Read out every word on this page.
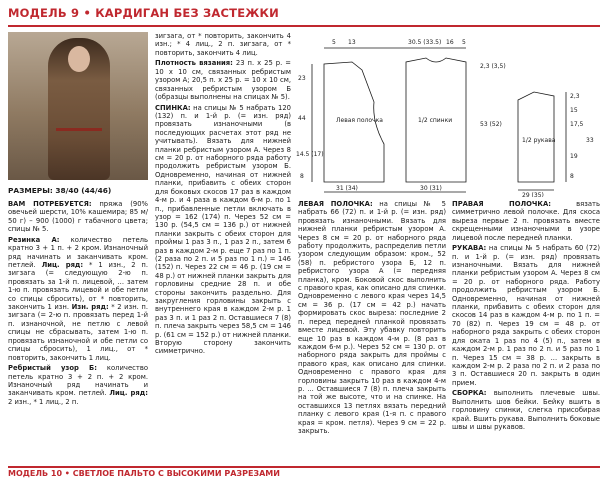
МОДЕЛЬ 9 • КАРДИГАН БЕЗ ЗАСТЕЖКИ
РАЗМЕРЫ: 38/40 (44/46)

ВАМ ПОТРЕБУЕТСЯ: пряжа (90% овечьей шерсти, 10% кашемира; 85 м/ 50 г) – 900 (1000) г табачного цвета; спицы № 5.

Резинка А: количество петель кратно 3 + 1 п. + 2 кром. Изнаночный ряд начинать и заканчивать кром. петлей. Лиц. ряд: * 1 изн., 2 п. зигзага (= следующую 2-ю п. провязать за 1-й п. лицевой, ... затем 1-ю п. провязать лицевой и обе петли со спицы сбросить), от * повторить, закончить 1 изн. Изн. ряд: * 2 изн. п. зигзага (= 2-ю п. провязать перед 1-й п. изнаночной, не петлю с левой спицы не сбрасывать, затем 1-ю п. провязать изнаночной и обе петли со спицы сбросить), 1 лиц., от * повторить, закончить 1 лиц.

Ребристый узор Б: количество петель кратно 3 + 2 п. + 2 кром. Изнаночный ряд начинать и заканчивать кром. петлей. Лиц. ряд: 2 изн., * 1 лиц., 2 п.

зигзага, от * повторить, закончить 4 изн.; * 4 лиц., 2 п. зигзага, от * повторить, закончить 4 лиц.

Плотность вязания: 23 п. х 25 р. = 10 х 10 см, связанных ребристым узором А; 20,5 п. х 25 р. = 10 х 10 см, связанных ребристым узором Б (образцы выполнены на спицах № 5).

СПИНКА: на спицы № 5 набрать 120 (132) п. и 1-й р. (= изн. ряд) провязать изнаночными (в последующих расчетах этот ряд не учитывать). Вязать для нижней планки ребристым узором А. Через 8 см = 20 р. от наборного ряда работу продолжить ребристым узором Б. Одновременно, начиная от нижней планки, прибавить с обеих сторон для боковых скосов 17 раз в каждом 4-м р. и 4 раза в каждом 6-м р. по 1 п., прибавленные петли включать в узор = 162 (174) п. Через 52 см = 130 р. (54,5 см = 136 р.) от нижней планки закрыть с обеих сторон для проймы 1 раз 3 п., 1 раз 2 п., затем 6 раз в каждом 2-м р. еще 7 раз по 1 п. (2 раза по 2 п. и 5 раз по 1 п.) = 146 (152) п. Через 22 см = 46 р. (19 см = 48 р.) от нижней планки закрыть для горловины средние 28 п. и обе стороны закончить раздельно. Для закругления горловины закрыть с внутреннего края в каждом 2-м р. 1 раз 3 п. и 1 раз 2 п. Оставшиеся 7 (8) п. плеча закрыть через 58,5 см = 146 р. (61 см = 152 р.) от нижней планки. Вторую сторону закончить симметрично.

5 13	30.5 (33.5) 16 5
23
44
14.5 (17)
8
Левая полочка	1/2 спинки
1/2 рукава
2,3
15
17,5
33
19
8
31 (34)	30 (31)
29 (35)
53 (52)
2,3 (3,5)

ЛЕВАЯ ПОЛОЧКА: на спицы № 5 набрать 66 (72) п. и 1-й р. (= изн. ряд) провязать изнаночными. Вязать для нижней планки ребристым узором А. Через 8 см = 20 р. от наборного ряда работу продолжить, распределив петли узором следующим образом: кром., 52 (58) п. ребристого узора Б, 12 п. ребристого узора А (= передняя планка), кром. Боковой скос выполнить с правого края, как описано для спинки. Одновременно с левого края через 14,5 см = 36 р. (17 см = 42 р.) начать формировать скос выреза: последние 2 п. перед передней планкой провязать вместе лицевой. Эту убавку повторить еще 10 раз в каждом 4-м р. (8 раз в каждом 6-м р.). Через 52 см = 130 р. от наборного ряда закрыть для проймы с правого края, как описано для спинки. Одновременно с правого края для горловины закрыть 10 раз в каждом 4-м р. ... Оставшиеся 7 (8) п. плеча закрыть на той же высоте, что и на спинке. На оставшихся 13 петлях вязать передний планку с левого края (1-я п. с правого края = кром. петля). Через 9 см = 22 р. закрыть.

ПРАВАЯ ПОЛОЧКА:	вязать симметрично левой полочке. Для скоса выреза первые 2 п. провязать вместе скрещенными изнаночными в узоре лицевой после передней планки.

РУКАВА: на спицы № 5 набрать 60 (72) п. и 1-й р. (= изн. ряд) провязать изнаночными. Вязать для нижней планки ребристым узором А. Через 8 см = 20 р. от наборного ряда. Работу продолжить ребристым узором Б. Одновременно, начиная от нижней планки, прибавить с обеих сторон для скосов 14 раз в каждом 4-м р. по 1 п. = 70 (82) п. Через 19 см = 48 р. от наборного ряда закрыть с обеих сторон для оката 1 раз по 4 (5) п., затем в каждом 2-м р. 1 раз по 2 п. и 5 раз по 1 п. Через 15 см = 38 р. ... закрыть в каждом 2-м р. 2 раза по 2 п. и 2 раза по 3 п. Оставшиеся 20 п. закрыть в один прием.

СБОРКА: выполнить плечевые швы. Выполнить шов бейки. Бейку вшить в горловину спинки, слегка присобирая край. Вшить рукава. Выполнить боковые швы и швы рукавов.

МОДЕЛЬ 10 • СВЕТЛОЕ ПАЛЬТО С ВЫСОКИМИ РАЗРЕЗАМИ
